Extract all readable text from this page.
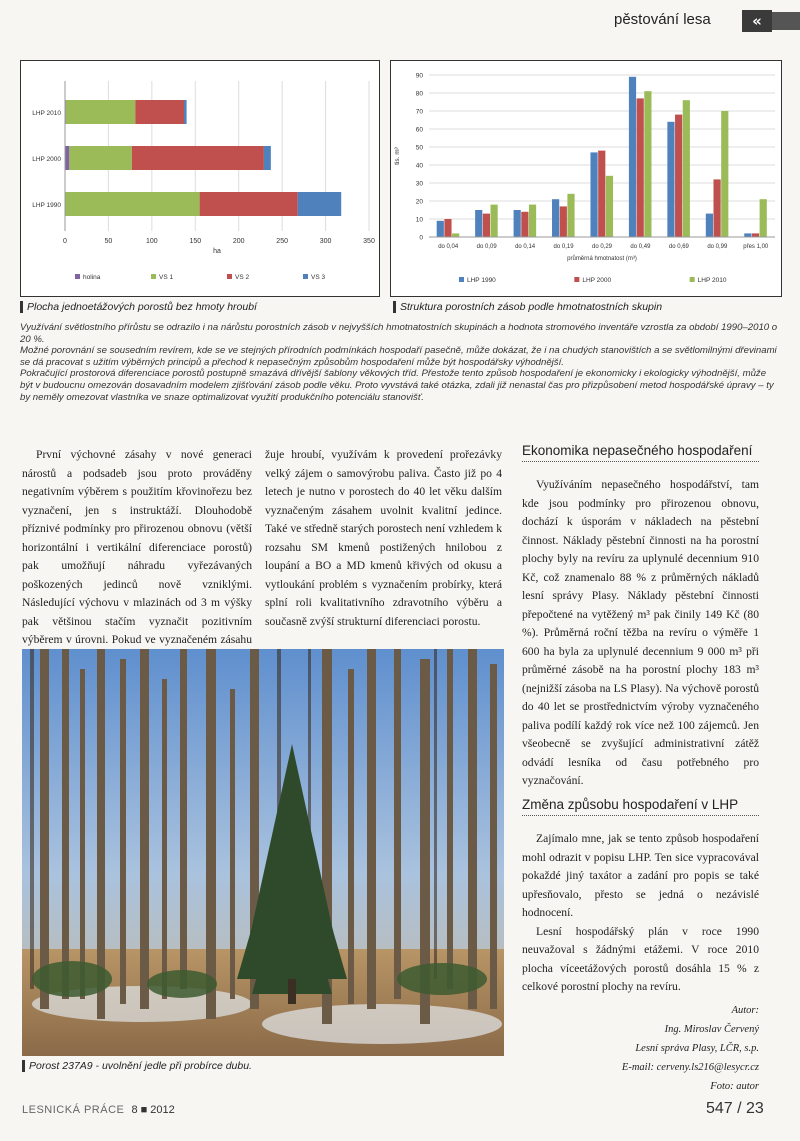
pěstování lesa	«
0	50	100	150	200	250	300	350
ha
LHP 2010
LHP 2000
LHP 1990
holina	VS 1	VS 2	VS 3
Plocha jednoetážových porostů bez hmoty hroubí
0
10
20
30
40
50
60
70
80
90
tis. m³
do 0,04	do 0,09	do 0,14	do 0,19	do 0,29	do 0,49	do 0,69	do 0,99	přes 1,00
průměrná hmotnatost (m³)
LHP 1990	LHP 2000	LHP 2010
Struktura porostních zásob podle hmotnatostních skupin

Využívání světlostního přírůstu se odrazilo i na nárůstu porostních zásob v nejvyšších hmotnatostních skupinách a hodnota stromového inventáře vzrostla za období 1990–2010 o 20 %.

Možné porovnání se sousedním revírem, kde se ve stejných přírodních podmínkách hospodaří pasečně, může dokázat, že i na chudých stanovištích a se světlomilnými dřevinami se dá pracovat s užitím výběrných principů a přechod k nepasečným způsobům hospodaření může být hospodářsky výhodnější.

Pokračující prostorová diferenciace porostů postupně smazává dřívější šablony věkových tříd. Přestože tento způsob hospodaření je ekonomicky i ekologicky výhodnější, může být v budoucnu omezován dosavadním modelem zjišťování zásob podle věku. Proto vyvstává také otázka, zdali již nenastal čas pro přizpůsobení metod hospodářské úpravy – ty by neměly omezovat vlastníka ve snaze optimalizovat využití produkčního potenciálu stanovišť.

První výchovné zásahy v nové generaci nárostů a podsadeb jsou proto prováděny negativním výběrem s použitím křovinořezu bez vyznačení, jen s instruktáží. Dlouhodobě příznivé podmínky pro přirozenou obnovu (větší horizontální i vertikální diferenciace porostů) pak umožňují náhradu vyřezávaných poškozených jedinců nově vzniklými. Následující výchovu v mlazinách od 3 m výšky pak většinou stačím vyznačit pozitivním výběrem v úrovni. Pokud ve vyznačeném zásahu

žuje hroubí, využívám k provedení prořezávky velký zájem o samovýrobu paliva. Často již po 4 letech je nutno v porostech do 40 let věku dalším vyznačeným zásahem uvolnit kvalitní jedince. Také ve středně starých porostech není vzhledem k rozsahu SM kmenů postižených hnilobou z loupání a BO a MD kmenů křivých od okusu a vytloukání problém s vyznačením probírky, která splní roli kvalitativního zdravotního výběru a současně zvýší strukturní diferenciaci porostu.

Porost 237A9 - uvolnění jedle při probírce dubu.
Ekonomika nepasečného hospodaření

Využíváním nepasečného hospodářství, tam kde jsou podmínky pro přirozenou obnovu, dochází k úsporám v nákladech na pěstební činnost. Náklady pěstební činnosti na ha porostní plochy byly na revíru za uplynulé decennium 910 Kč, což znamenalo 88 % z průměrných nákladů lesní správy Plasy. Náklady pěstební činnosti přepočtené na vytěžený m³ pak činily 149 Kč (80 %). Průměrná roční těžba na revíru o výměře 1 600 ha byla za uplynulé decennium 9 000 m³ při průměrné zásobě na ha porostní plochy 183 m³ (nejnižší zásoba na LS Plasy). Na výchově porostů do 40 let se prostřednictvím výroby vyznačeného paliva podílí každý rok více než 100 zájemců. Jen všeobecně se zvyšující administrativní zátěž odvádí lesníka od času potřebného pro vyznačování.

Změna způsobu hospodaření v LHP

Zajímalo mne, jak se tento způsob hospodaření mohl odrazit v popisu LHP. Ten sice vypracovával pokaždé jiný taxátor a zadání pro popis se také upřesňovalo, přesto se jedná o nezávislé hodnocení.

Lesní hospodářský plán v roce 1990 neuvažoval s žádnými etážemi. V roce 2010 plocha víceetážových porostů dosáhla 15 % z celkové porostní plochy na revíru.

Autor:
Ing. Miroslav Červený
Lesní správa Plasy, LČR, s.p.
E-mail: cerveny.ls216@lesycr.cz
Foto: autor
LESNICKÁ PRÁCE 8 ■ 2012	547 / 23
